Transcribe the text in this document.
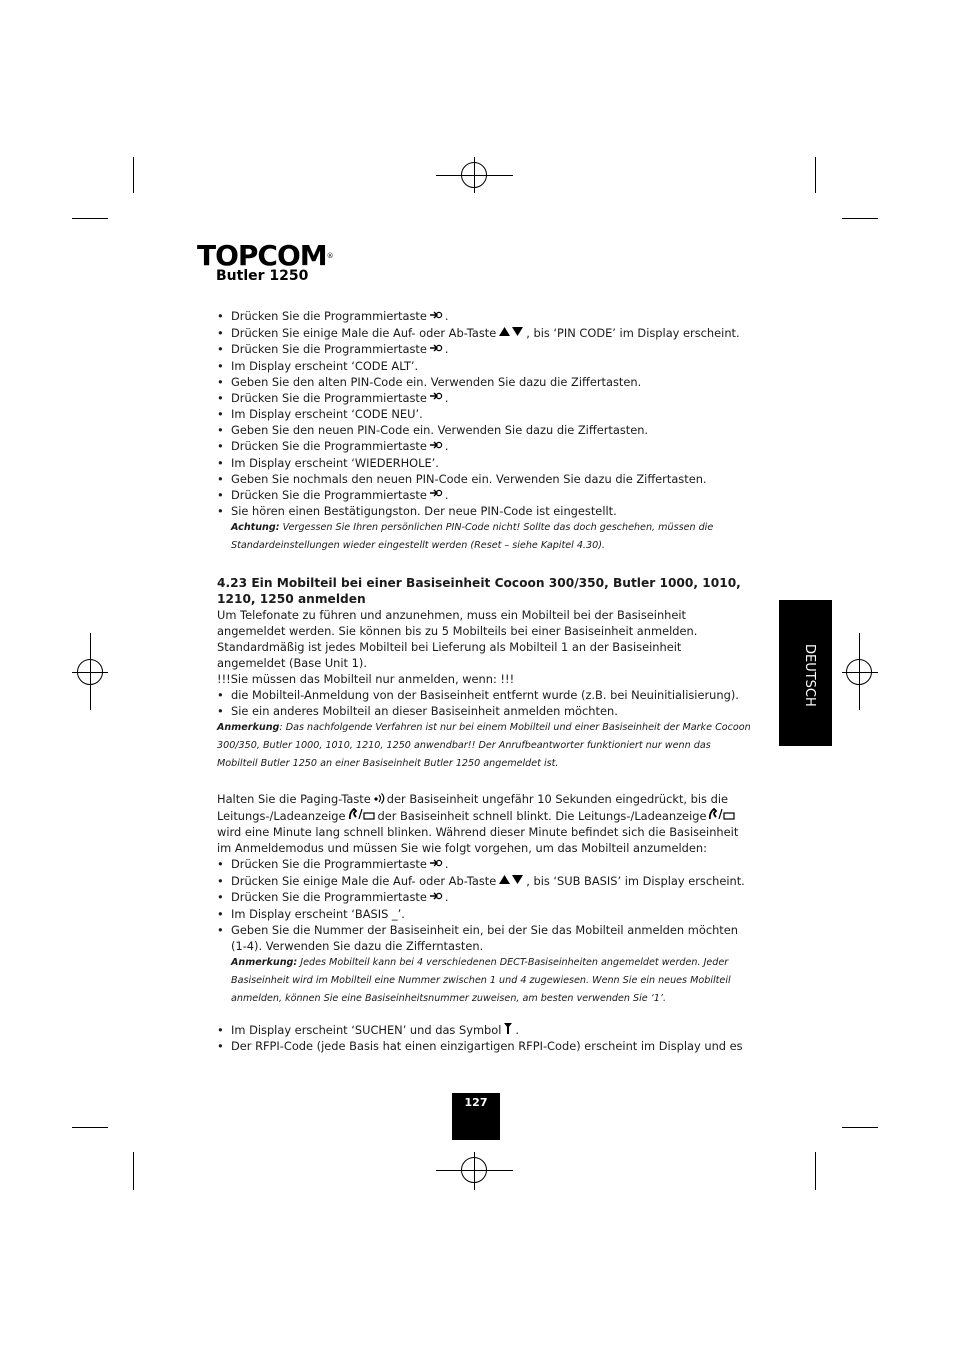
TOPCOM®
Butler 1250
• Drücken Sie die Programmiertaste .
• Drücken Sie einige Male die Auf- oder Ab-Taste	, bis ‘PIN CODE’ im Display erscheint.
• Drücken Sie die Programmiertaste .
• Im Display erscheint ‘CODE ALT’.
• Geben Sie den alten PIN-Code ein. Verwenden Sie dazu die Ziffertasten.
• Drücken Sie die Programmiertaste .
• Im Display erscheint ‘CODE NEU’.
• Geben Sie den neuen PIN-Code ein. Verwenden Sie dazu die Ziffertasten.
• Drücken Sie die Programmiertaste .
• Im Display erscheint ‘WIEDERHOLE’.
• Geben Sie nochmals den neuen PIN-Code ein. Verwenden Sie dazu die Ziffertasten.
• Drücken Sie die Programmiertaste .
• Sie hören einen Bestätigungston. Der neue PIN-Code ist eingestellt.
Achtung: Vergessen Sie Ihren persönlichen PIN-Code nicht! Sollte das doch geschehen, müssen die Standardeinstellungen wieder eingestellt werden (Reset – siehe Kapitel 4.30).
4.23 Ein Mobilteil bei einer Basiseinheit Cocoon 300/350, Butler 1000, 1010, 1210, 1250 anmelden

Um Telefonate zu führen und anzunehmen, muss ein Mobilteil bei der Basiseinheit angemeldet werden. Sie können bis zu 5 Mobilteils bei einer Basiseinheit anmelden. Standardmäßig ist jedes Mobilteil bei Lieferung als Mobilteil 1 an der Basiseinheit angemeldet (Base Unit 1).

!!!Sie müssen das Mobilteil nur anmelden, wenn: !!!

• die Mobilteil-Anmeldung von der Basiseinheit entfernt wurde (z.B. bei Neuinitialisierung).
• Sie ein anderes Mobilteil an dieser Basiseinheit anmelden möchten.
Anmerkung: Das nachfolgende Verfahren ist nur bei einem Mobilteil und einer Basiseinheit der Marke Cocoon 300/350, Butler 1000, 1010, 1210, 1250 anwendbar!! Der Anrufbeantworter funktioniert nur wenn das Mobilteil Butler 1250 an einer Basiseinheit Butler 1250 angemeldet ist.

Halten Sie die Paging-Taste der Basiseinheit ungefähr 10 Sekunden eingedrückt, bis die Leitungs-/Ladeanzeige	der Basiseinheit schnell blinkt. Die Leitungs-/Ladeanzeigewird eine Minute lang schnell blinken. Während dieser Minute befindet sich die Basiseinheit im Anmeldemodus und müssen Sie wie folgt vorgehen, um das Mobilteil anzumelden:

• Drücken Sie die Programmiertaste .
• Drücken Sie einige Male die Auf- oder Ab-Taste	, bis ‘SUB BASIS’ im Display erscheint.
• Drücken Sie die Programmiertaste .
• Im Display erscheint ‘BASIS _’.
• Geben Sie die Nummer der Basiseinheit ein, bei der Sie das Mobilteil anmelden möchten (1-4). Verwenden Sie dazu die Zifferntasten.
Anmerkung: Jedes Mobilteil kann bei 4 verschiedenen DECT-Basiseinheiten angemeldet werden. Jeder Basiseinheit wird im Mobilteil eine Nummer zwischen 1 und 4 zugewiesen. Wenn Sie ein neues Mobilteil anmelden, können Sie eine Basiseinheitsnummer zuweisen, am besten verwenden Sie ‘1’.
• Im Display erscheint ‘SUCHEN’ und das Symbol .
• Der RFPI-Code (jede Basis hat einen einzigartigen RFPI-Code) erscheint im Display und es
DEUTSCH
127
